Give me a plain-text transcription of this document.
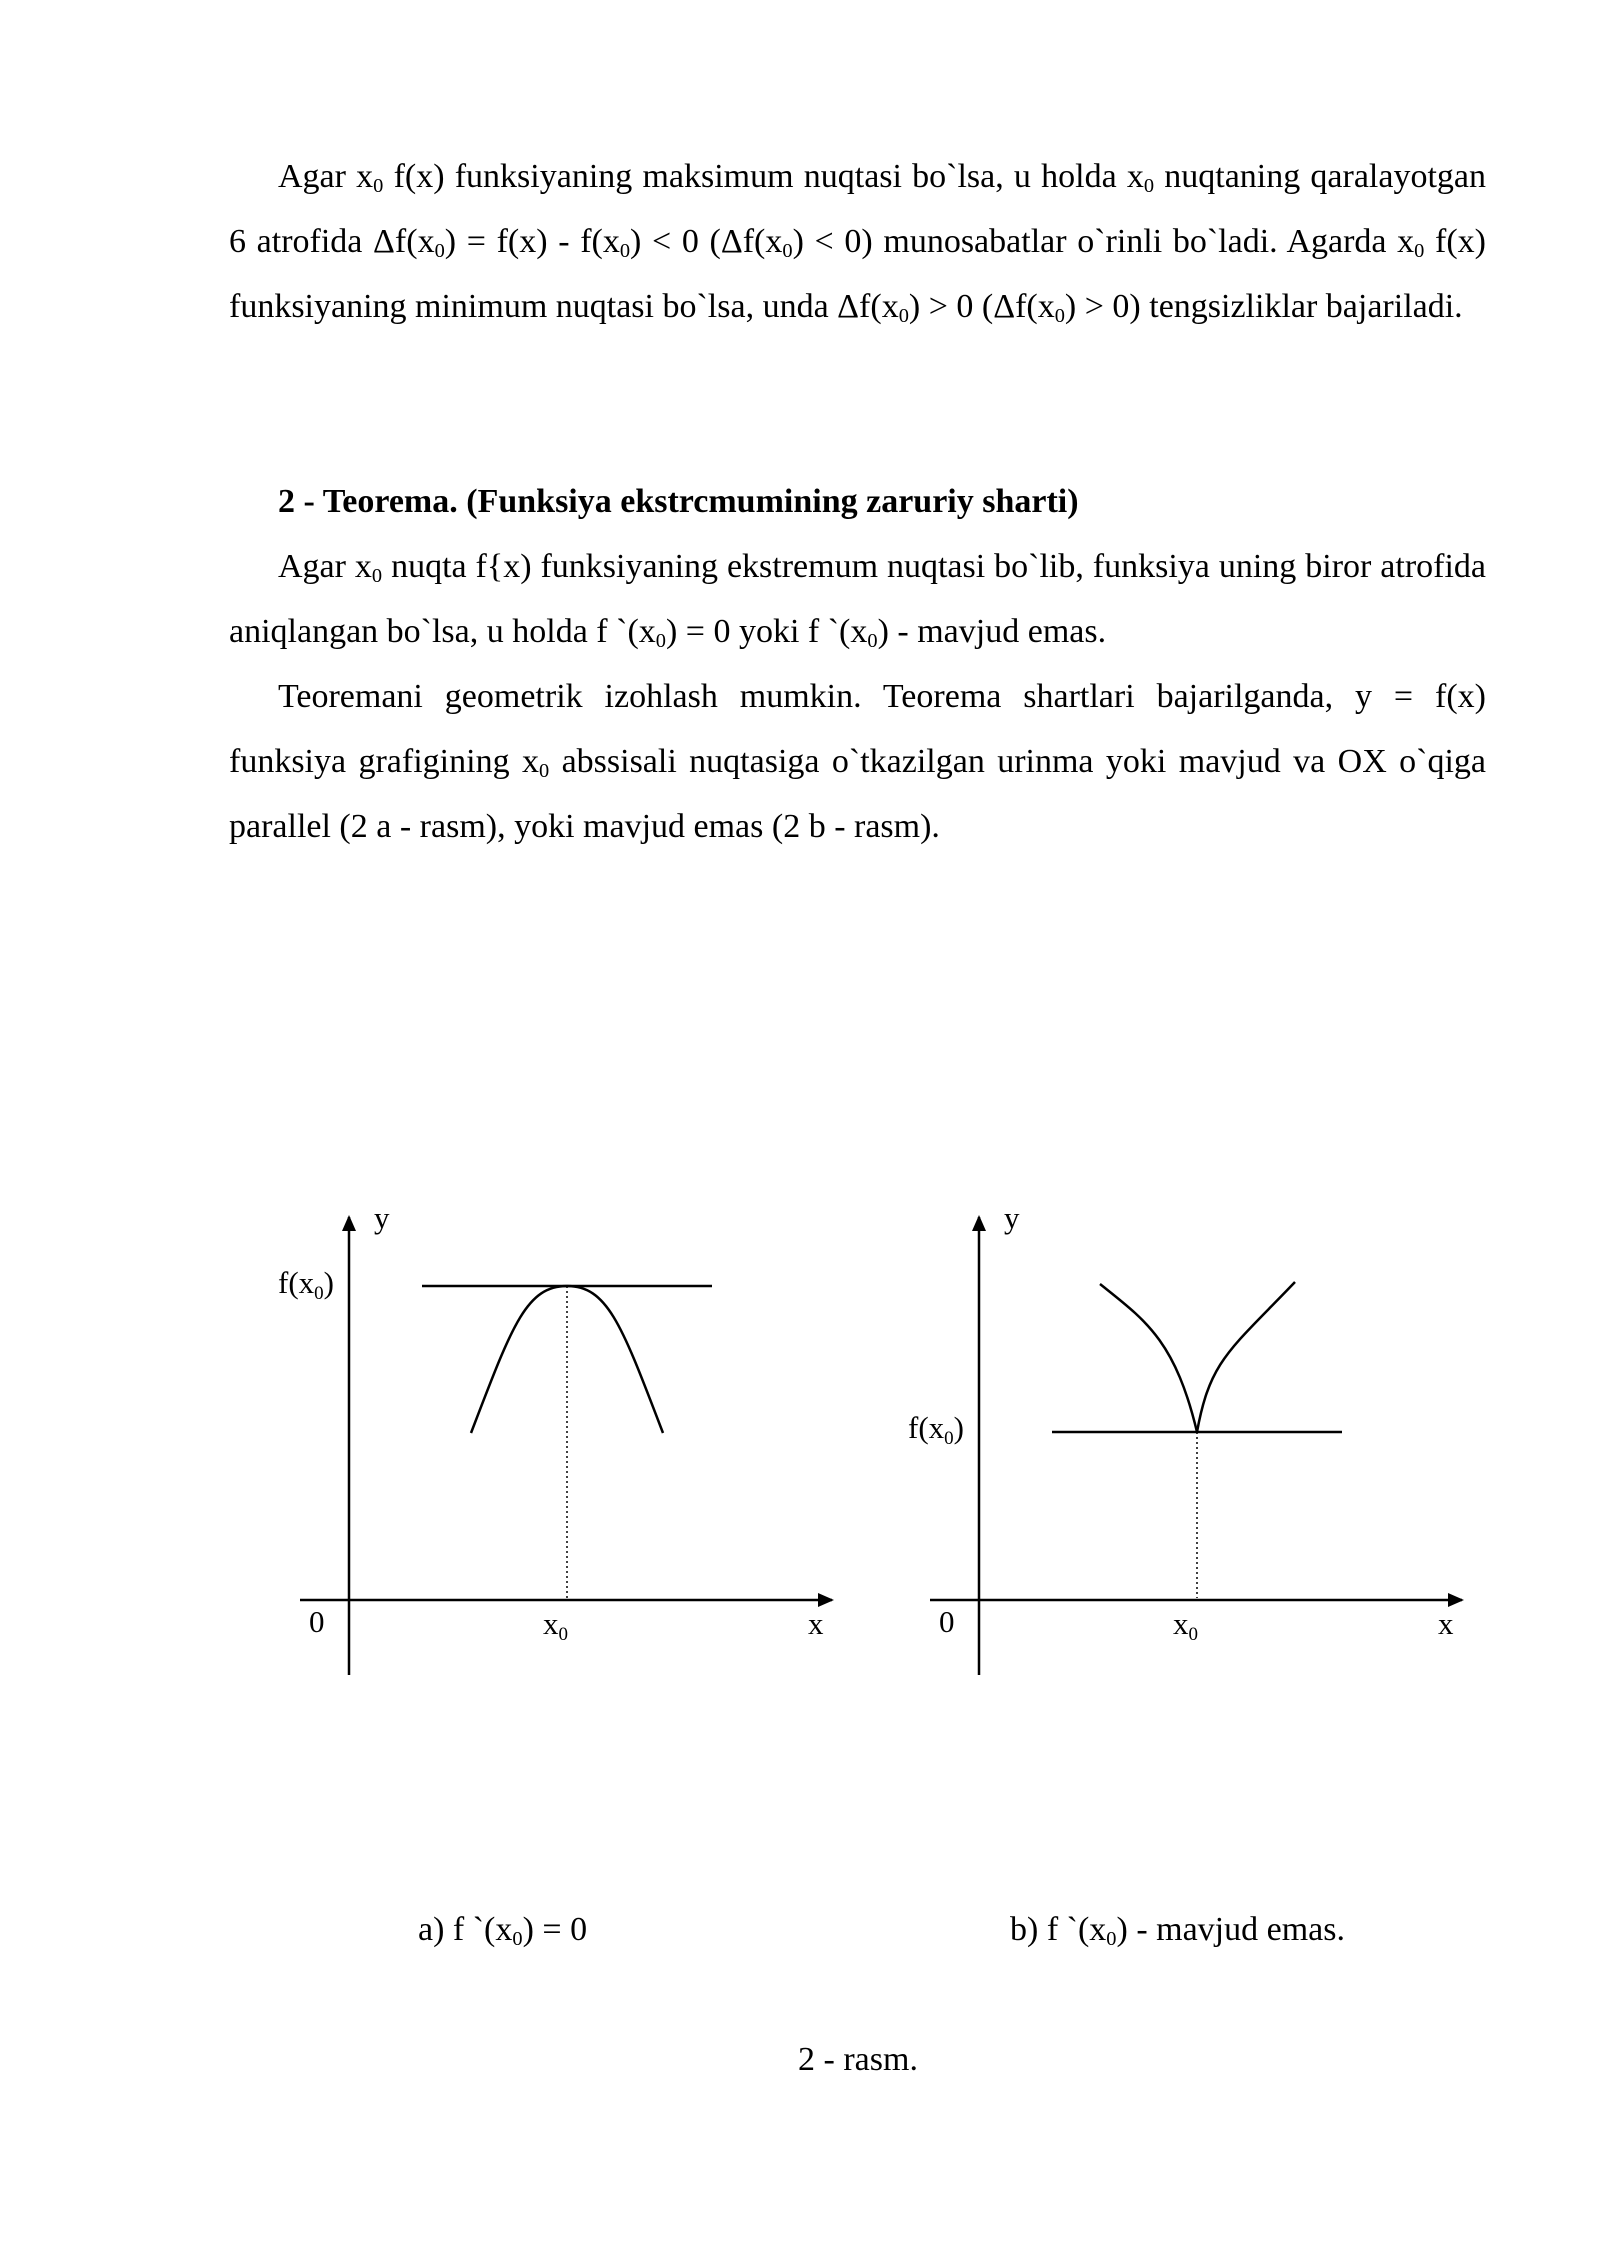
Agar $x_0$ f(x) funksiyaning maksimum nuqtasi bo`lsa, u holda $x_0$ nuqtaning qaralayotgan 6 atrofida $\Delta f(x_0) = f(x) - f(x_0) < 0$ $(\Delta f(x_0) < 0)$ munosabatlar o`rinli bo`ladi. Agarda $x_0$ f(x) funksiyaning minimum nuqtasi bo`lsa, unda $\Delta f(x_0) > 0$ $(\Delta f(x_0) > 0)$ tengsizliklar bajariladi.

2 - Teorema. (Funksiya ekstrcmumining zaruriy sharti)

Agar $x_0$ nuqta f{x) funksiyaning ekstremum nuqtasi bo`lib, funksiya uning biror atrofida aniqlangan bo`lsa, u holda f $`(x_0) = 0$ yoki f $`(x_0)$ - mavjud emas.

Teoremani geometrik izohlash mumkin. Teorema shartlari bajarilganda, y = f(x) funksiya grafigining $x_0$ abssisali nuqtasiga o`tkazilgan urinma yoki mavjud va OX o`qiga parallel (2 a - rasm), yoki mavjud emas (2 b - rasm).

y
x
0
f(x0)
x0
y
x
0
f(x0)
x0
a) f $`(x_0) = 0$	b) f $`(x_0)$ - mavjud emas.
2 - rasm.
